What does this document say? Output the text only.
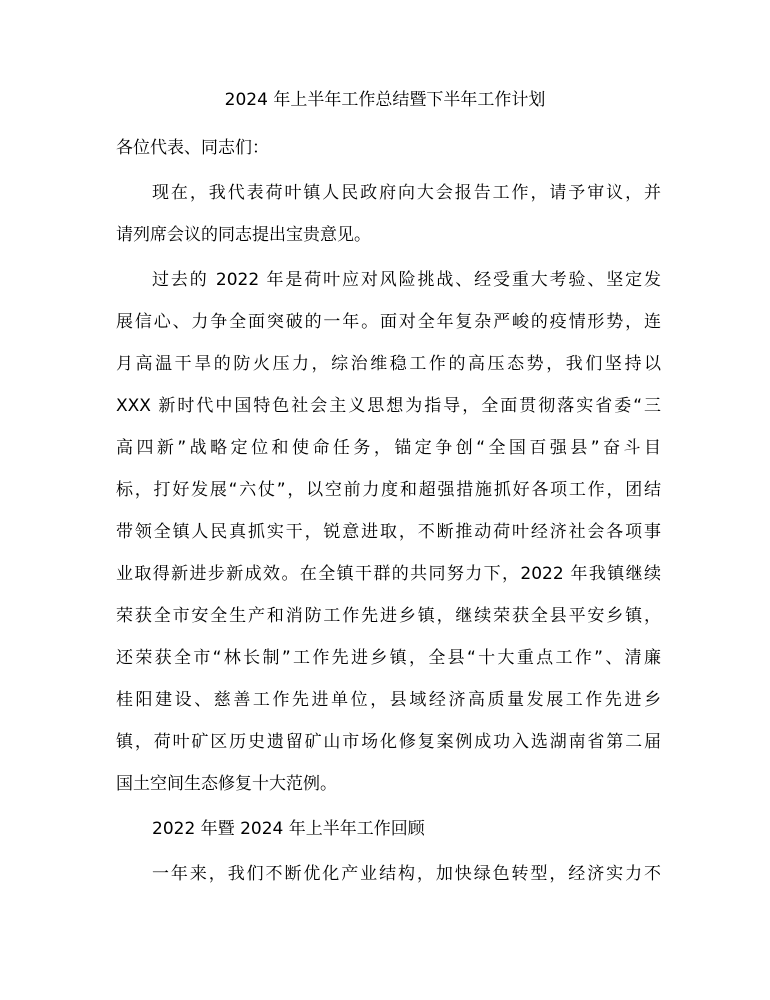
2024 年上半年工作总结暨下半年工作计划
各位代表、同志们：
现在，我代表荷叶镇人民政府向大会报告工作，请予审议，并
请列席会议的同志提出宝贵意见。
过去的 2022 年是荷叶应对风险挑战、经受重大考验、坚定发
展信心、力争全面突破的一年。面对全年复杂严峻的疫情形势，连
月高温干旱的防火压力，综治维稳工作的高压态势，我们坚持以
XXX 新时代中国特色社会主义思想为指导，全面贯彻落实省委“三
高四新”战略定位和使命任务，锚定争创“全国百强县”奋斗目
标，打好发展“六仗”，以空前力度和超强措施抓好各项工作，团结
带领全镇人民真抓实干，锐意进取，不断推动荷叶经济社会各项事
业取得新进步新成效。在全镇干群的共同努力下，2022 年我镇继续
荣获全市安全生产和消防工作先进乡镇，继续荣获全县平安乡镇，
还荣获全市“林长制”工作先进乡镇，全县“十大重点工作”、清廉
桂阳建设、慈善工作先进单位，县域经济高质量发展工作先进乡
镇，荷叶矿区历史遗留矿山市场化修复案例成功入选湖南省第二届
国土空间生态修复十大范例。
2022 年暨 2024 年上半年工作回顾
一年来，我们不断优化产业结构，加快绿色转型，经济实力不
